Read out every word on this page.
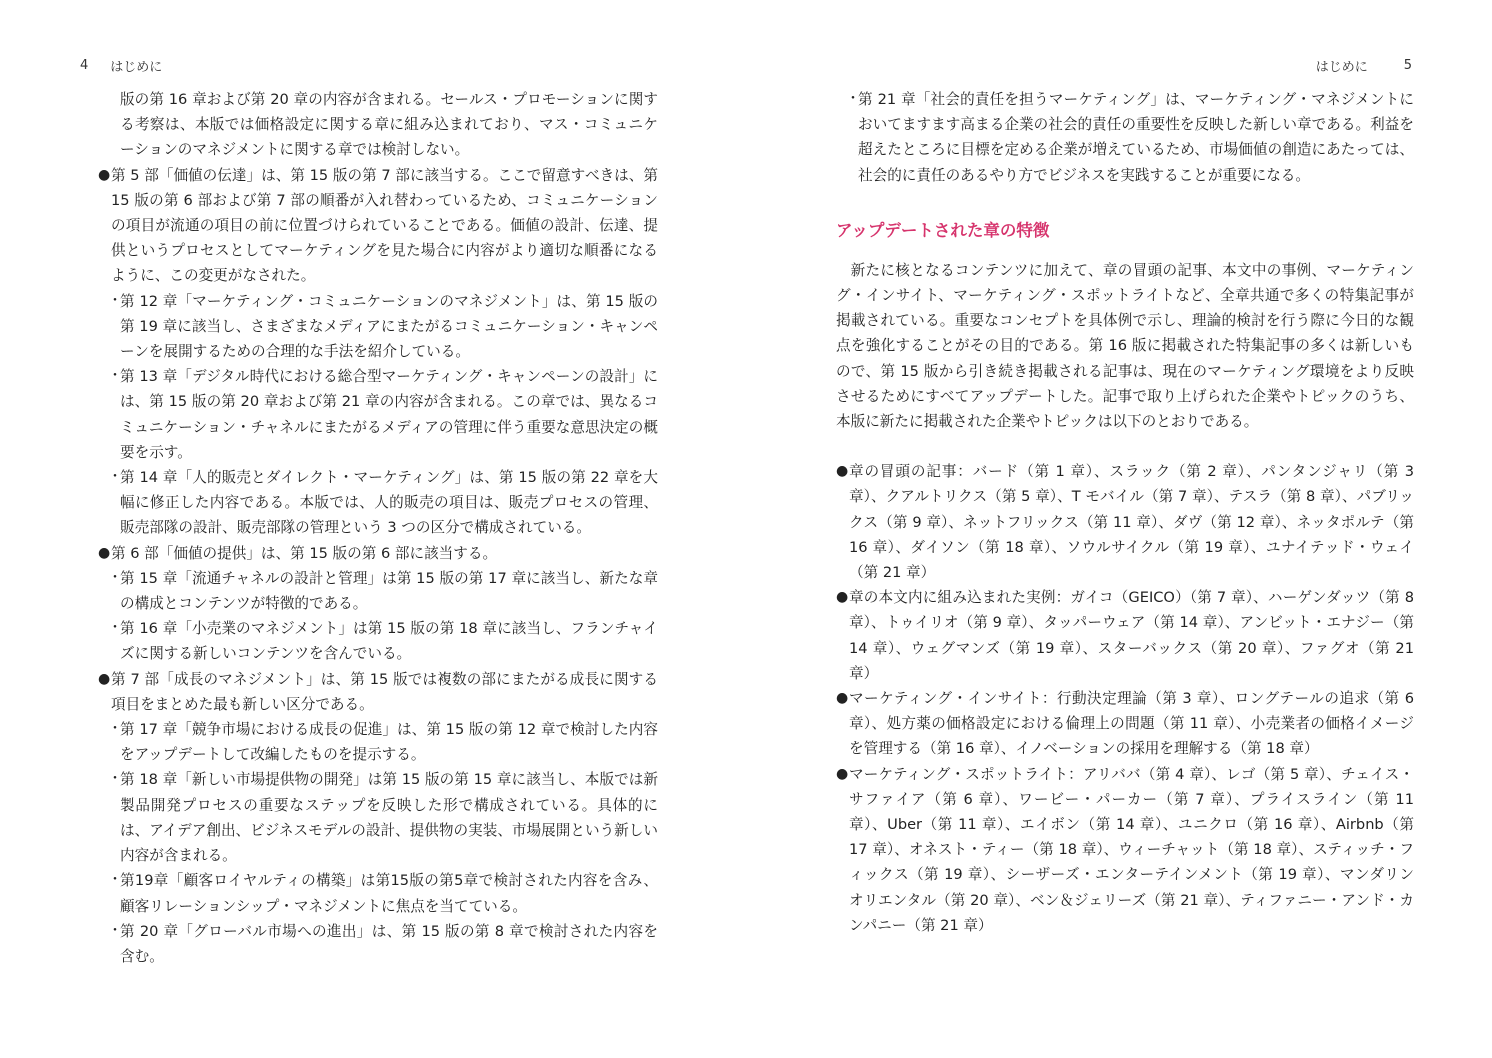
4 はじめに

版の第 16 章および第 20 章の内容が含まれる。セールス・プロモーションに関する考察は、本版では価格設定に関する章に組み込まれており、マス・コミュニケーションのマネジメントに関する章では検討しない。

● 第 5 部「価値の伝達」は、第 15 版の第 7 部に該当する。ここで留意すべきは、第 15 版の第 6 部および第 7 部の順番が入れ替わっているため、コミュニケーションの項目が流通の項目の前に位置づけられていることである。価値の設計、伝達、提供というプロセスとしてマーケティングを見た場合に内容がより適切な順番になるように、この変更がなされた。

・
第 12 章「マーケティング・コミュニケーションのマネジメント」は、第 15 版の第 19 章に該当し、さまざまなメディアにまたがるコミュニケーション・キャンペーンを展開するための合理的な手法を紹介している。

・
第 13 章「デジタル時代における総合型マーケティング・キャンペーンの設計」には、第 15 版の第 20 章および第 21 章の内容が含まれる。この章では、異なるコミュニケーション・チャネルにまたがるメディアの管理に伴う重要な意思決定の概要を示す。

・
第 14 章「人的販売とダイレクト・マーケティング」は、第 15 版の第 22 章を大幅に修正した内容である。本版では、人的販売の項目は、販売プロセスの管理、販売部隊の設計、販売部隊の管理という 3 つの区分で構成されている。

● 第 6 部「価値の提供」は、第 15 版の第 6 部に該当する。

・
第 15 章「流通チャネルの設計と管理」は第 15 版の第 17 章に該当し、新たな章の構成とコンテンツが特徴的である。

・
第 16 章「小売業のマネジメント」は第 15 版の第 18 章に該当し、フランチャイズに関する新しいコンテンツを含んでいる。

● 第 7 部「成長のマネジメント」は、第 15 版では複数の部にまたがる成長に関する項目をまとめた最も新しい区分である。

・
第 17 章「競争市場における成長の促進」は、第 15 版の第 12 章で検討した内容をアップデートして改編したものを提示する。

・
第 18 章「新しい市場提供物の開発」は第 15 版の第 15 章に該当し、本版では新製品開発プロセスの重要なステップを反映した形で構成されている。具体的には、アイデア創出、ビジネスモデルの設計、提供物の実装、市場展開という新しい内容が含まれる。

・
第19章「顧客ロイヤルティの構築」は第15版の第5章で検討された内容を含み、顧客リレーションシップ・マネジメントに焦点を当てている。

・
第 20 章「グローバル市場への進出」は、第 15 版の第 8 章で検討された内容を含む。

はじめに	5

・
第 21 章「社会的責任を担うマーケティング」は、マーケティング・マネジメントにおいてますます高まる企業の社会的責任の重要性を反映した新しい章である。利益を超えたところに目標を定める企業が増えているため、市場価値の創造にあたっては、社会的に責任のあるやり方でビジネスを実践することが重要になる。

アップデートされた章の特徴

新たに核となるコンテンツに加えて、章の冒頭の記事、本文中の事例、マーケティング・インサイト、マーケティング・スポットライトなど、全章共通で多くの特集記事が掲載されている。重要なコンセプトを具体例で示し、理論的検討を行う際に今日的な観点を強化することがその目的である。第 16 版に掲載された特集記事の多くは新しいもので、第 15 版から引き続き掲載される記事は、現在のマーケティング環境をより反映させるためにすべてアップデートした。記事で取り上げられた企業やトピックのうち、本版に新たに掲載された企業やトピックは以下のとおりである。

● 章の冒頭の記事：バード（第 1 章）、スラック（第 2 章）、パンタンジャリ（第 3 章）、クアルトリクス（第 5 章）、T モバイル（第 7 章）、テスラ（第 8 章）、パブリックス（第 9 章）、ネットフリックス（第 11 章）、ダヴ（第 12 章）、ネッタポルテ（第 16 章）、ダイソン（第 18 章）、ソウルサイクル（第 19 章）、ユナイテッド・ウェイ（第 21 章）

● 章の本文内に組み込まれた実例：ガイコ（GEICO）（第 7 章）、ハーゲンダッツ（第 8 章）、トゥイリオ（第 9 章）、タッパーウェア（第 14 章）、アンビット・エナジー（第 14 章）、ウェグマンズ（第 19 章）、スターバックス（第 20 章）、ファグオ（第 21 章）

● マーケティング・インサイト：行動決定理論（第 3 章）、ロングテールの追求（第 6 章）、処方薬の価格設定における倫理上の問題（第 11 章）、小売業者の価格イメージを管理する（第 16 章）、イノベーションの採用を理解する（第 18 章）

● マーケティング・スポットライト：アリババ（第 4 章）、レゴ（第 5 章）、チェイス・サファイア（第 6 章）、ワービー・パーカー（第 7 章）、プライスライン（第 11 章）、Uber（第 11 章）、エイボン（第 14 章）、ユニクロ（第 16 章）、Airbnb（第 17 章）、オネスト・ティー（第 18 章）、ウィーチャット（第 18 章）、スティッチ・フィックス（第 19 章）、シーザーズ・エンターテインメント（第 19 章）、マンダリン オリエンタル（第 20 章）、ベン＆ジェリーズ（第 21 章）、ティファニー・アンド・カンパニー（第 21 章）
